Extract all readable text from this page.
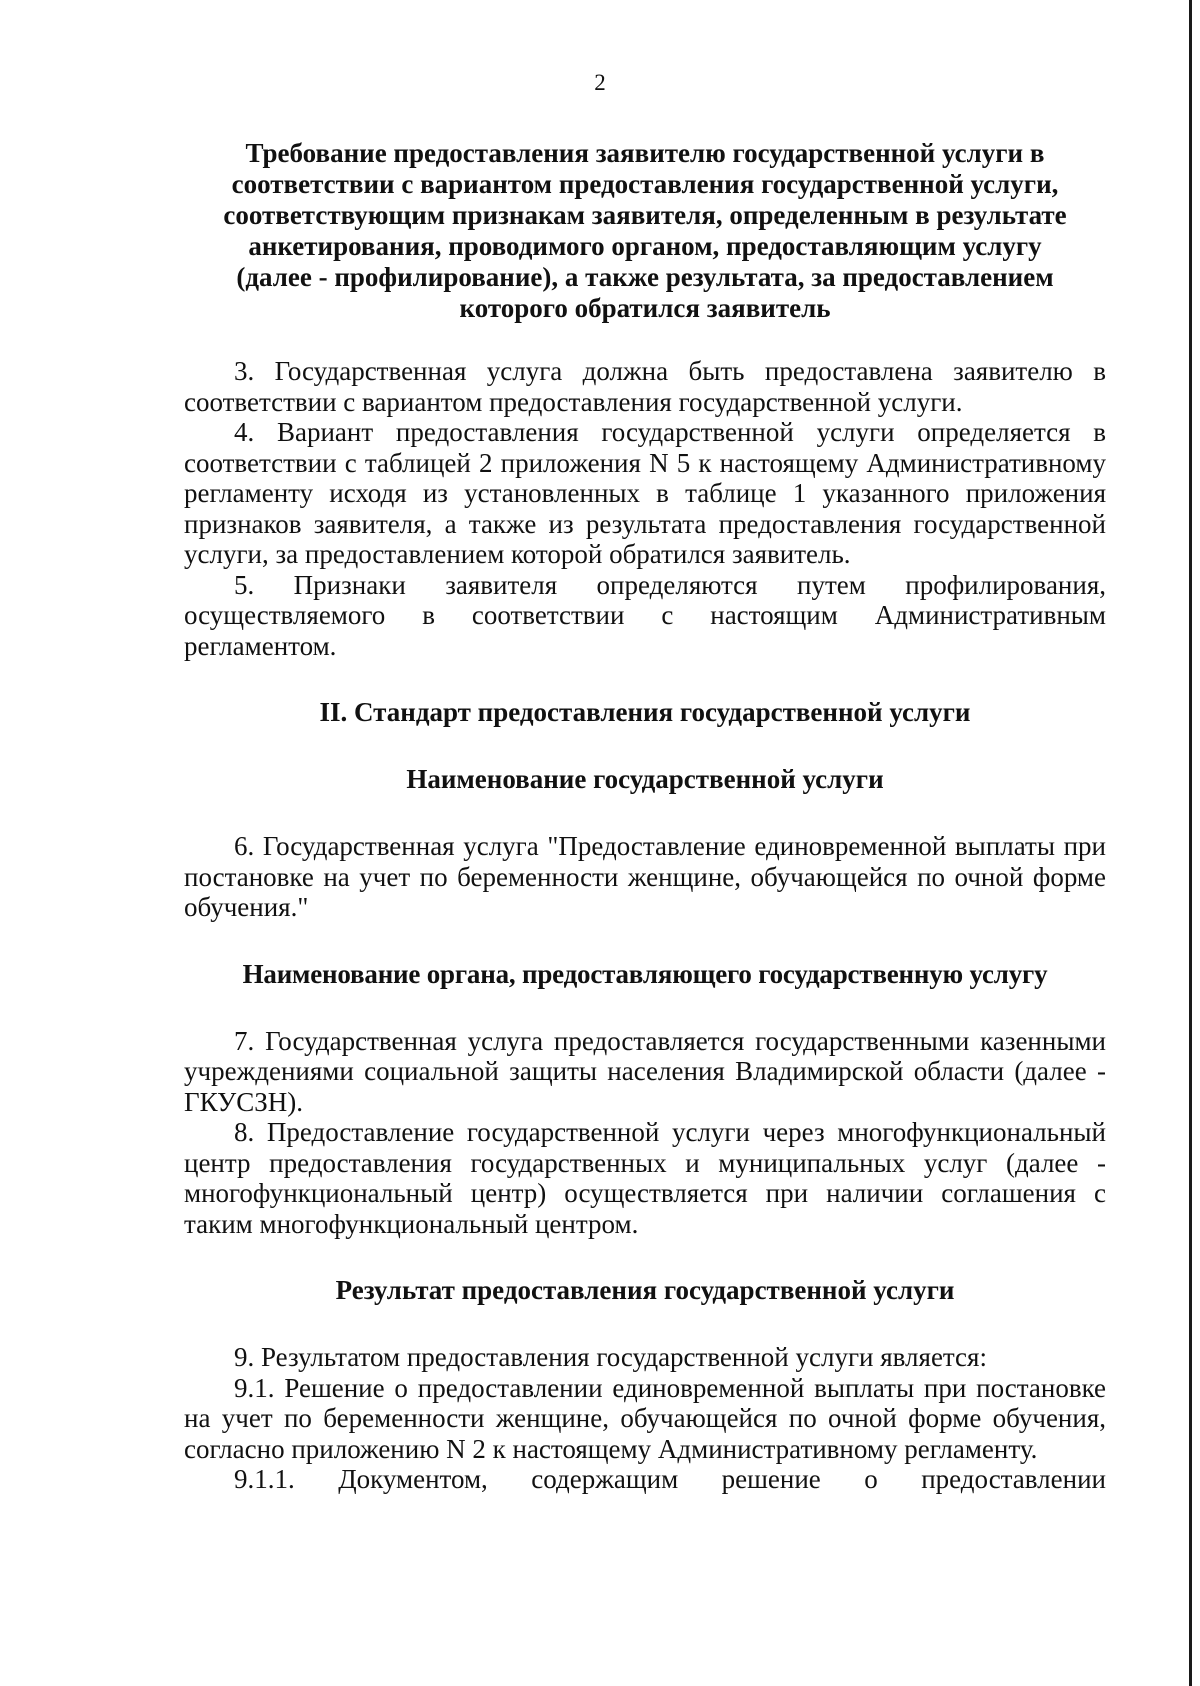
2

Требование предоставления заявителю государственной услуги в соответствии с вариантом предоставления государственной услуги, соответствующим признакам заявителя, определенным в результате анкетирования, проводимого органом, предоставляющим услугу (далее - профилирование), а также результата, за предоставлением которого обратился заявитель

3. Государственная услуга должна быть предоставлена заявителю в соответствии с вариантом предоставления государственной услуги.

4. Вариант предоставления государственной услуги определяется в соответствии с таблицей 2 приложения N 5 к настоящему Административному регламенту исходя из установленных в таблице 1 указанного приложения признаков заявителя, а также из результата предоставления государственной услуги, за предоставлением которой обратился заявитель.

5. Признаки заявителя определяются путем профилирования, осуществляемого в соответствии с настоящим Административным регламентом.

II. Стандарт предоставления государственной услуги

Наименование государственной услуги

6. Государственная услуга "Предоставление единовременной выплаты при постановке на учет по беременности женщине, обучающейся по очной форме обучения."

Наименование органа, предоставляющего государственную услугу

7. Государственная услуга предоставляется государственными казенными учреждениями социальной защиты населения Владимирской области (далее - ГКУСЗН).

8. Предоставление государственной услуги через многофункциональный центр предоставления государственных и муниципальных услуг (далее - многофункциональный центр) осуществляется при наличии соглашения с таким многофункциональный центром.

Результат предоставления государственной услуги

9. Результатом предоставления государственной услуги является:

9.1. Решение о предоставлении единовременной выплаты при постановке на учет по беременности женщине, обучающейся по очной форме обучения, согласно приложению N 2 к настоящему Административному регламенту.

9.1.1. Документом, содержащим решение о предоставлении
